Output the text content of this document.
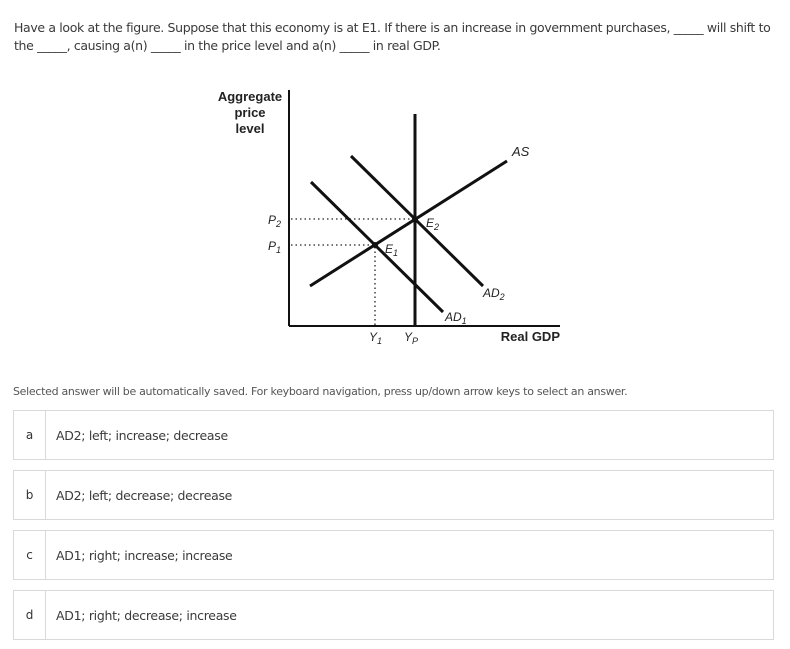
Have a look at the figure. Suppose that this economy is at E1. If there is an increase in government purchases, _____ will shift to the _____, causing a(n) _____ in the price level and a(n) _____ in real GDP.
Aggregate
price
level
$P_2$
$P_1$
$E_2$
$E_1$
AS
$AD_2$
$AD_1$
$Y_1$ $Y_P$	Real GDP
Selected answer will be automatically saved. For keyboard navigation, press up/down arrow keys to select an answer.
a	AD2; left; increase; decrease
b	AD2; left; decrease; decrease
c	AD1; right; increase; increase
d	AD1; right; decrease; increase
